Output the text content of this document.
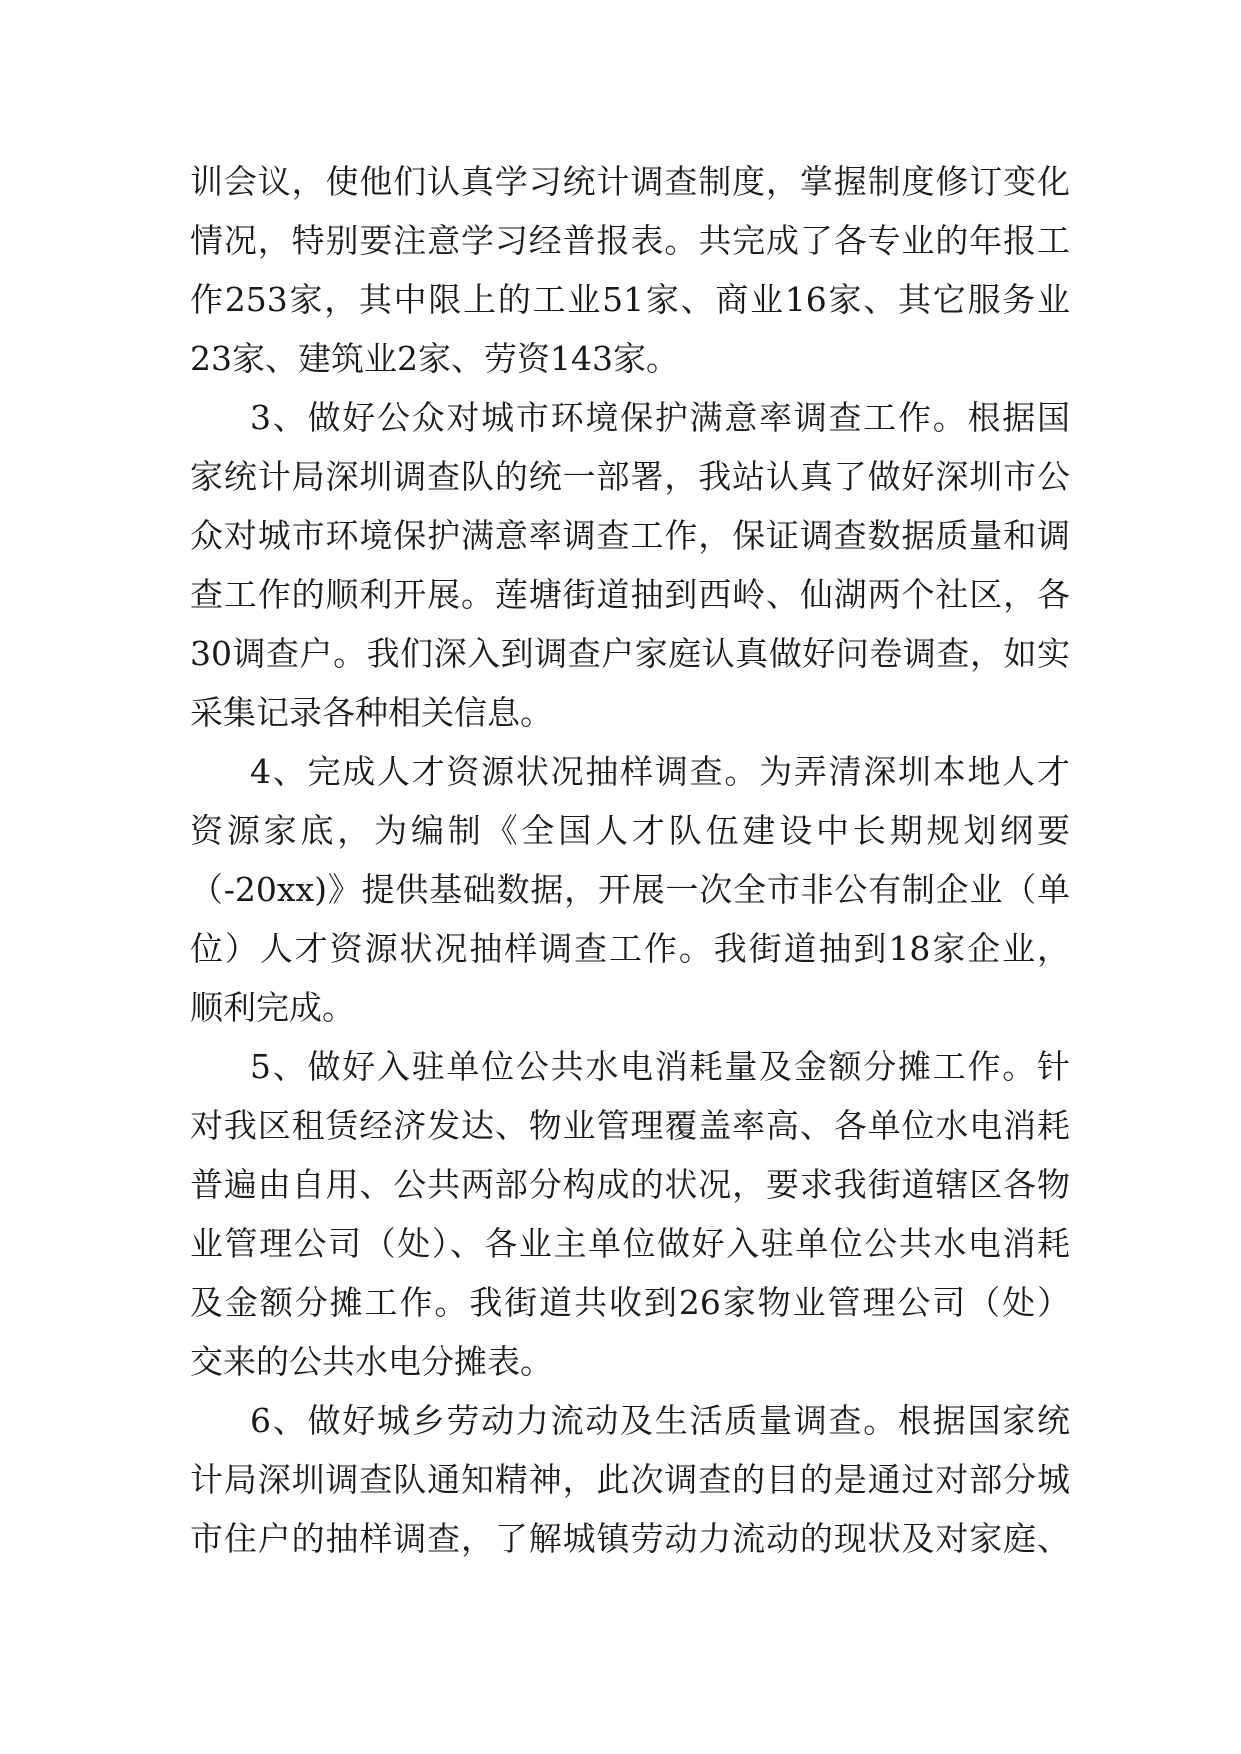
训会议，使他们认真学习统计调查制度，掌握制度修订变化
情况，特别要注意学习经普报表。共完成了各专业的年报工
作253家，其中限上的工业51家、商业16家、其它服务业
23家、建筑业2家、劳资143家。
3、做好公众对城市环境保护满意率调查工作。根据国
家统计局深圳调查队的统一部署，我站认真了做好深圳市公
众对城市环境保护满意率调查工作，保证调查数据质量和调
查工作的顺利开展。莲塘街道抽到西岭、仙湖两个社区，各
30调查户。我们深入到调查户家庭认真做好问卷调查，如实
采集记录各种相关信息。
4、完成人才资源状况抽样调查。为弄清深圳本地人才
资源家底，为编制《全国人才队伍建设中长期规划纲要
（-20xx)》提供基础数据，开展一次全市非公有制企业（单
位）人才资源状况抽样调查工作。我街道抽到18家企业，
顺利完成。
5、做好入驻单位公共水电消耗量及金额分摊工作。针
对我区租赁经济发达、物业管理覆盖率高、各单位水电消耗
普遍由自用、公共两部分构成的状况，要求我街道辖区各物
业管理公司（处）、各业主单位做好入驻单位公共水电消耗
及金额分摊工作。我街道共收到26家物业管理公司（处）
交来的公共水电分摊表。
6、做好城乡劳动力流动及生活质量调查。根据国家统
计局深圳调查队通知精神，此次调查的目的是通过对部分城
市住户的抽样调查，了解城镇劳动力流动的现状及对家庭、
